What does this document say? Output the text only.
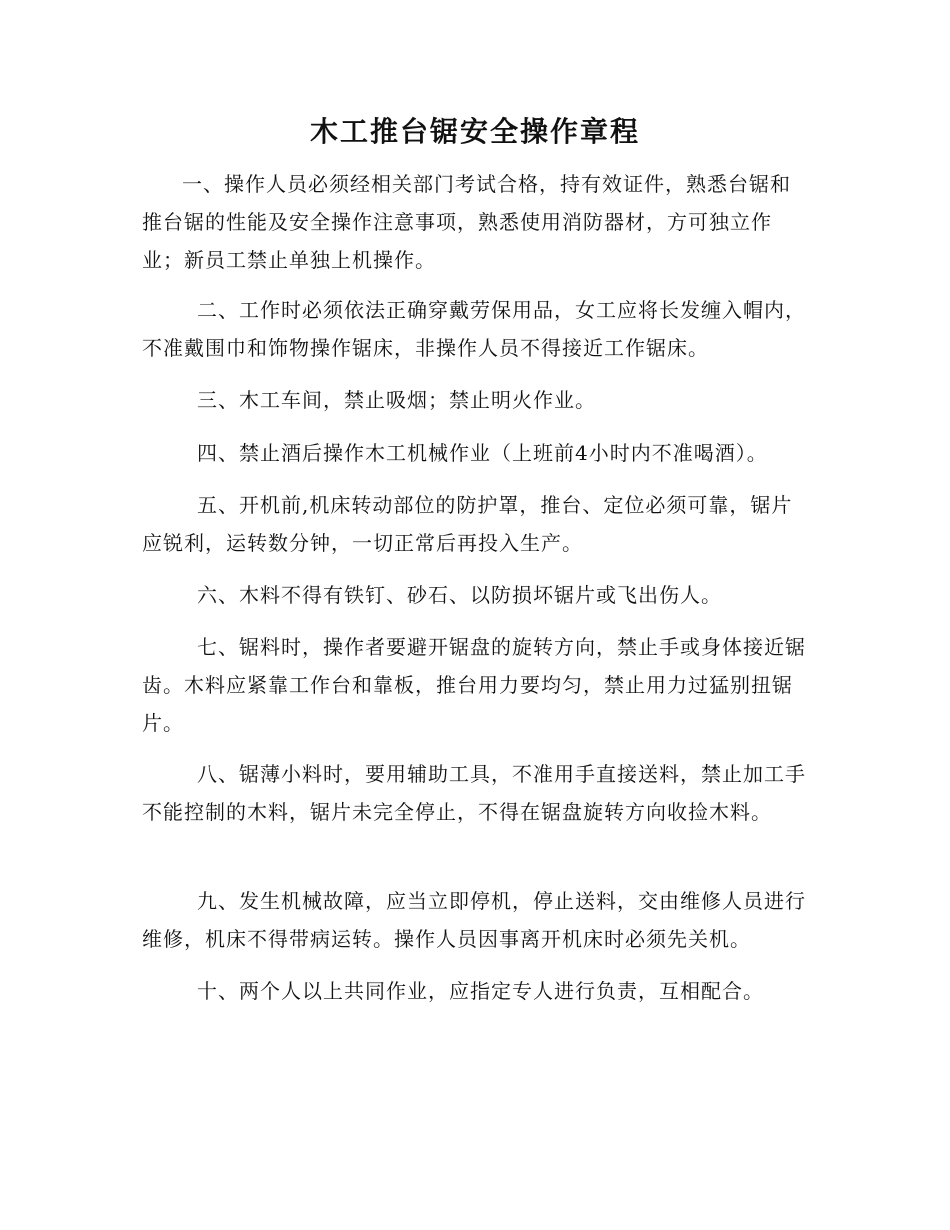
木工推台锯安全操作章程

一、操作人员必须经相关部门考试合格，持有效证件，熟悉台锯和推台锯的性能及安全操作注意事项，熟悉使用消防器材，方可独立作业；新员工禁止单独上机操作。

二、工作时必须依法正确穿戴劳保用品，女工应将长发缠入帽内，不准戴围巾和饰物操作锯床，非操作人员不得接近工作锯床。

三、木工车间，禁止吸烟；禁止明火作业。

四、禁止酒后操作木工机械作业（上班前4小时内不准喝酒）。

五、开机前,机床转动部位的防护罩，推台、定位必须可靠，锯片应锐利，运转数分钟，一切正常后再投入生产。

六、木料不得有铁钉、砂石、以防损坏锯片或飞出伤人。

七、锯料时，操作者要避开锯盘的旋转方向，禁止手或身体接近锯齿。木料应紧靠工作台和靠板，推台用力要均匀，禁止用力过猛别扭锯片。

八、锯薄小料时，要用辅助工具，不准用手直接送料，禁止加工手不能控制的木料，锯片未完全停止，不得在锯盘旋转方向收捡木料。

九、发生机械故障，应当立即停机，停止送料，交由维修人员进行维修，机床不得带病运转。操作人员因事离开机床时必须先关机。

十、两个人以上共同作业，应指定专人进行负责，互相配合。
